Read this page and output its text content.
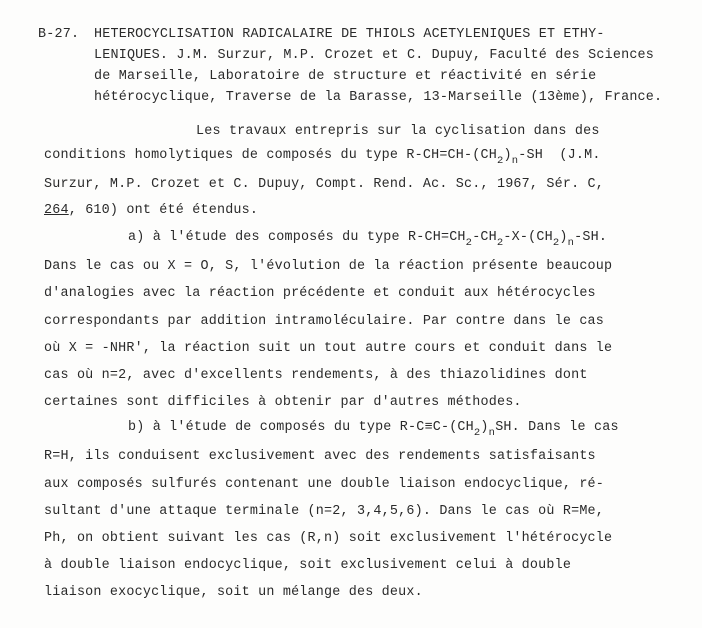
B-27. HETEROCYCLISATION RADICALAIRE DE THIOLS ACETYLENIQUES ET ETHY-
LENIQUES. J.M. Surzur, M.P. Crozet et C. Dupuy, Faculté des Sciences
de Marseille, Laboratoire de structure et réactivité en série
hétérocyclique, Traverse de la Barasse, 13-Marseille (13ème), France.
Les travaux entrepris sur la cyclisation dans des
conditions homolytiques de composés du type $R-CH=CH-(CH_2)_n-SH$  (J.M.
Surzur, M.P. Crozet et C. Dupuy, Compt. Rend. Ac. Sc., 1967, Sér. C,
264, 610) ont été étendus.
a) à l'étude des composés du type $R-CH=CH_2-CH_2-X-(CH_2)_n-SH$.
Dans le cas ou X = O, S, l'évolution de la réaction présente beaucoup
d'analogies avec la réaction précédente et conduit aux hétérocycles
correspondants par addition intramoléculaire. Par contre dans le cas
où X = -NHR', la réaction suit un tout autre cours et conduit dans le
cas où n=2, avec d'excellents rendements, à des thiazolidines dont
certaines sont difficiles à obtenir par d'autres méthodes.
b) à l'étude de composés du type $R-C\equiv C-(CH_2)_nSH$. Dans le cas
R=H, ils conduisent exclusivement avec des rendements satisfaisants
aux composés sulfurés contenant une double liaison endocyclique, ré-
sultant d'une attaque terminale (n=2, 3,4,5,6). Dans le cas où R=Me,
Ph, on obtient suivant les cas (R,n) soit exclusivement l'hétérocycle
à double liaison endocyclique, soit exclusivement celui à double
liaison exocyclique, soit un mélange des deux.
